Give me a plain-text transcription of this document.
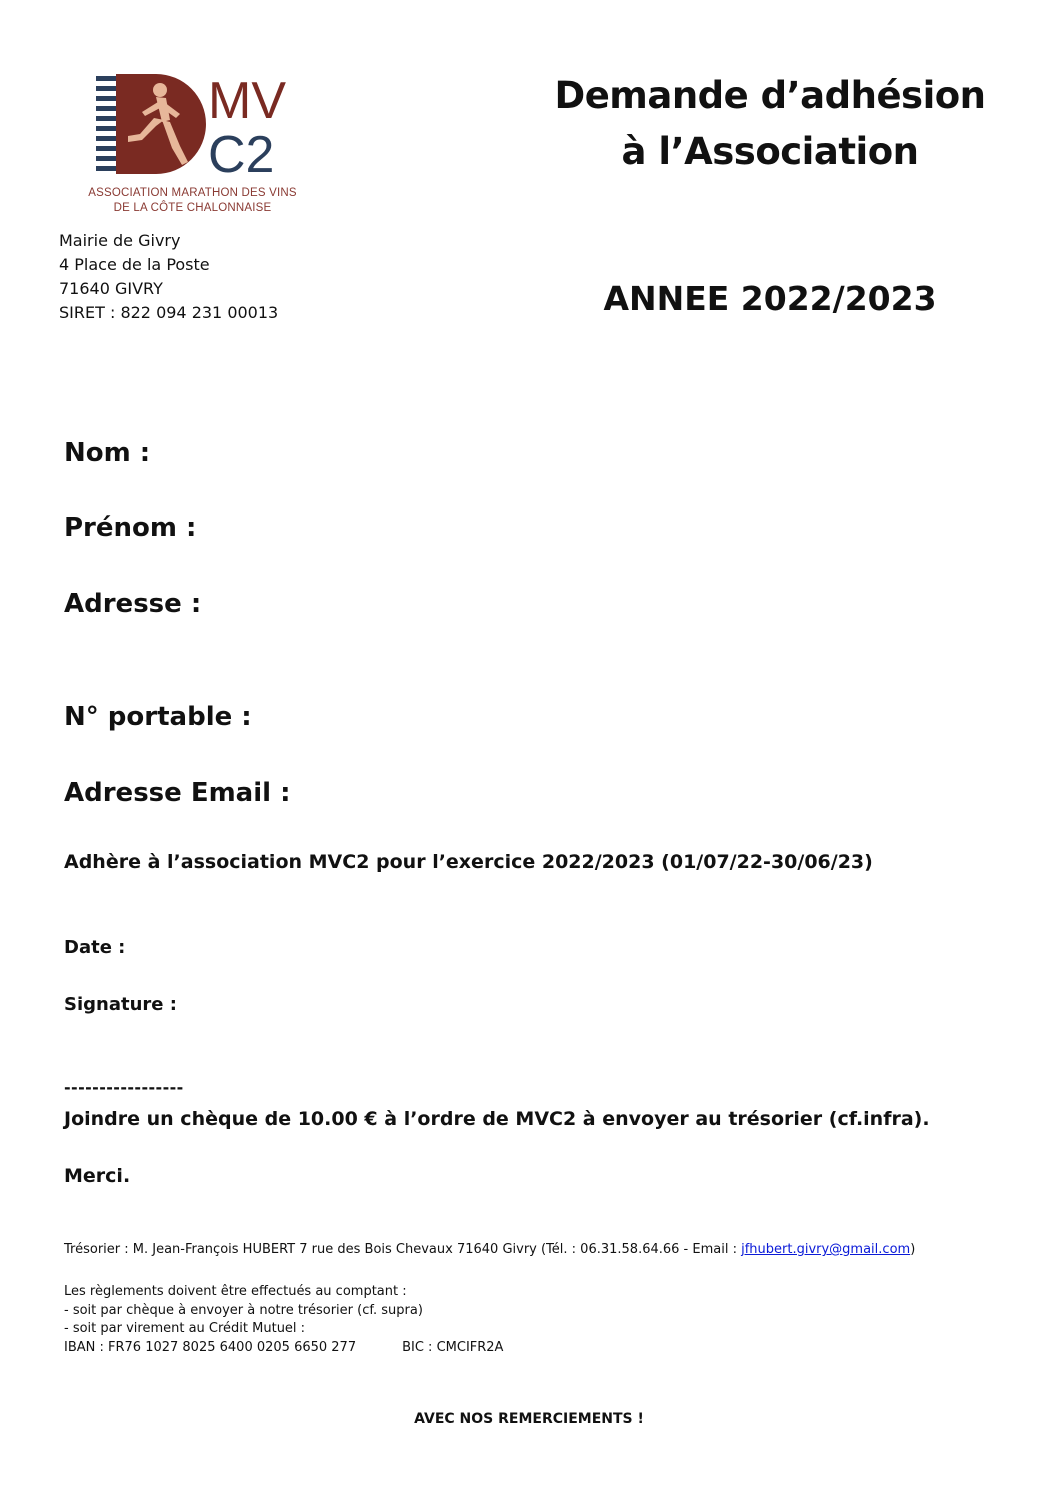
MV
C2
ASSOCIATION MARATHON DES VINS
DE LA CÔTE CHALONNAISE
Mairie de Givry
4 Place de la Poste
71640 GIVRY
SIRET : 822 094 231 00013
Demande d’adhésion
à l’Association
ANNEE 2022/2023
Nom :
Prénom :
Adresse :
N° portable :
Adresse Email :
Adhère à l’association MVC2 pour l’exercice 2022/2023 (01/07/22-30/06/23)
Date :
Signature :
-----------------
Joindre un chèque de 10.00 € à l’ordre de MVC2 à envoyer au trésorier (cf.infra).
Merci.
Trésorier : M. Jean-François HUBERT 7 rue des Bois Chevaux 71640 Givry (Tél. : 06.31.58.64.66 - Email : jfhubert.givry@gmail.com)
Les règlements doivent être effectués au comptant :
- soit par chèque à envoyer à notre trésorier (cf. supra)
- soit par virement au Crédit Mutuel :
IBAN : FR76 1027 8025 6400 0205 6650 277	BIC : CMCIFR2A
AVEC NOS REMERCIEMENTS !
